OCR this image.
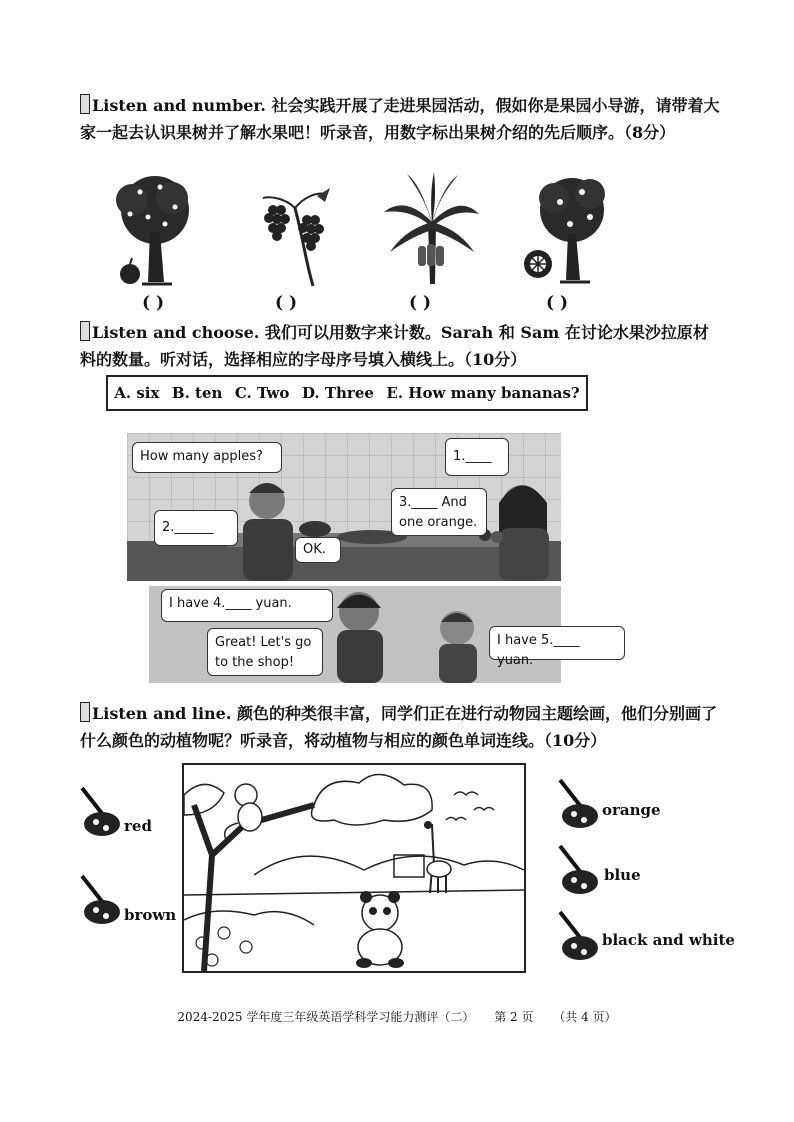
Listen and number. 社会实践开展了走进果园活动，假如你是果园小导游，请带着大家一起去认识果树并了解水果吧！听录音，用数字标出果树介绍的先后顺序。（8分）

( )	( )	( )	( )

Listen and choose. 我们可以用数字来计数。Sarah 和 Sam 在讨论水果沙拉原材料的数量。听对话，选择相应的字母序号填入横线上。（10分）

A. six B. ten C. Two D. Three E. How many bananas?
How many apples?	1.____
2.______
3.____ And
one orange.
OK.
I have 4.____ yuan.
Great! Let's go
to the shop!
I have 5.____ yuan.

Listen and line. 颜色的种类很丰富，同学们正在进行动物园主题绘画，他们分别画了什么颜色的动植物呢？听录音，将动植物与相应的颜色单词连线。（10分）

red
brown
orange
blue
black and white
2024-2025 学年度三年级英语学科学习能力测评（二） 第 2 页 （共 4 页）
